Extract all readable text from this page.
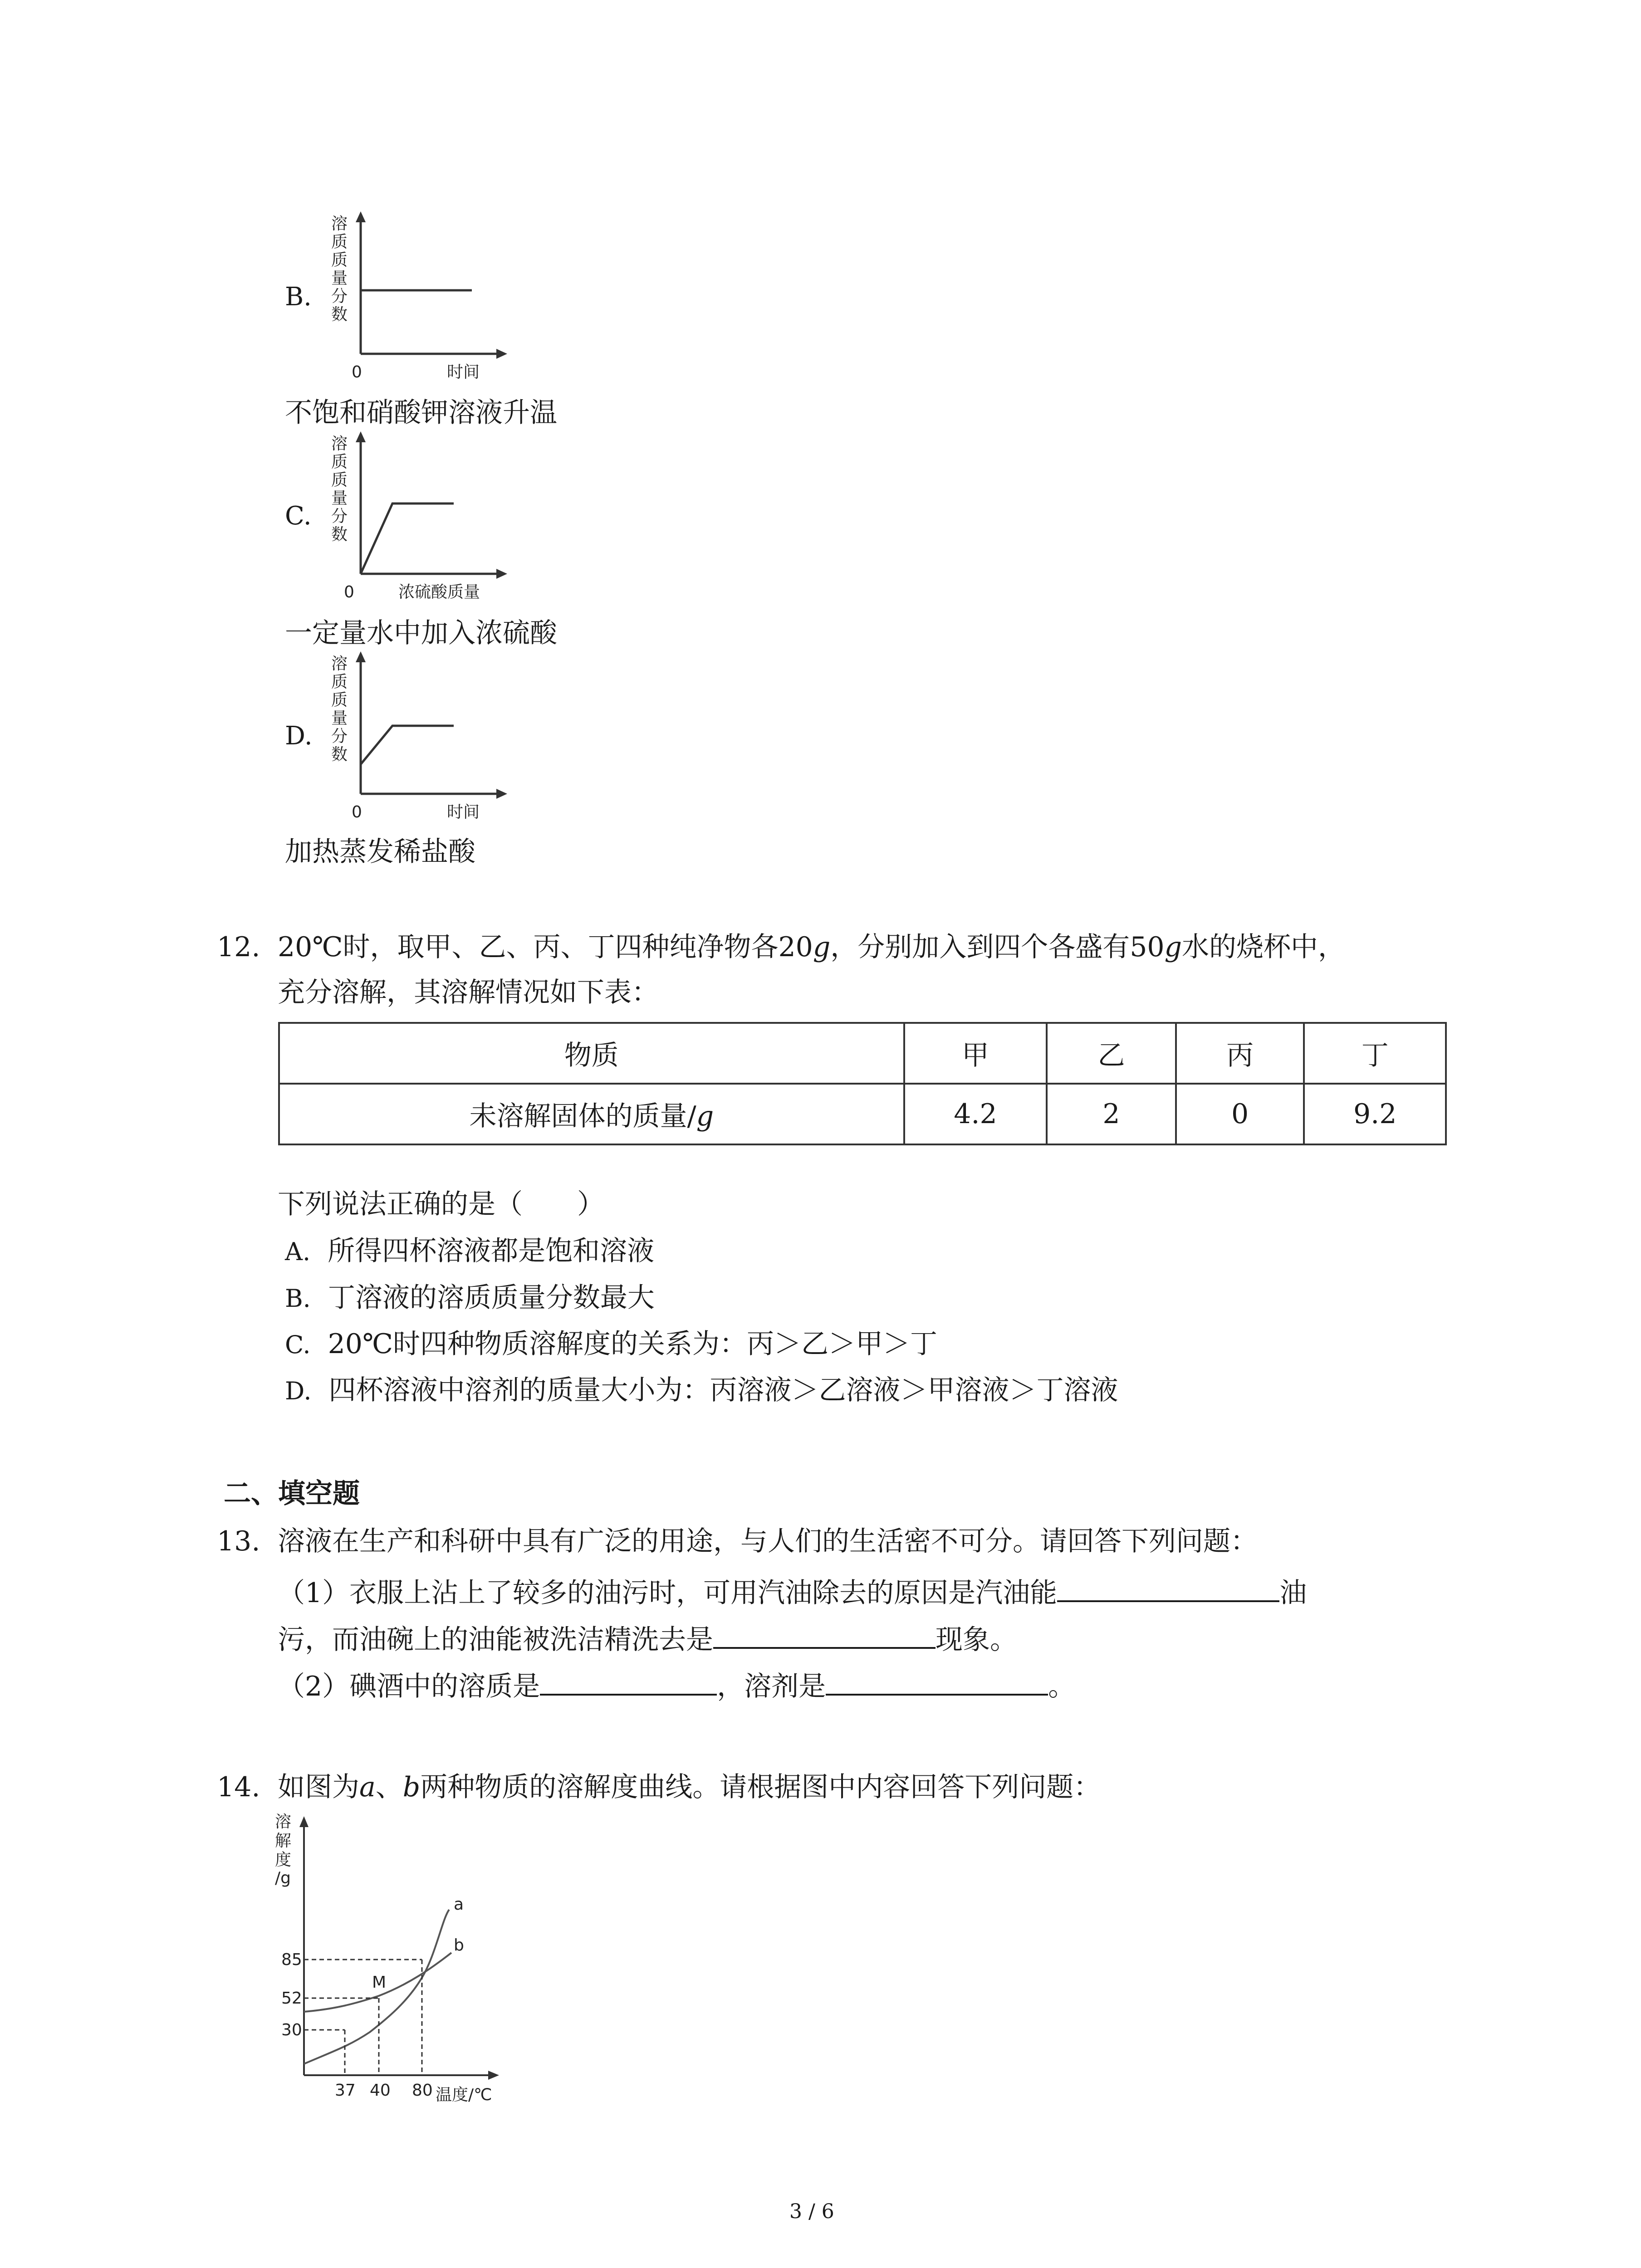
B.
溶
质
质
量
分
数
0	时间
不饱和硝酸钾溶液升温
C.
溶
质
质
量
分
数
0	浓硫酸质量
一定量水中加入浓硫酸
D.
溶
质
质
量
分
数
0	时间
加热蒸发稀盐酸
12. 20℃时，取甲、乙、丙、丁四种纯净物各20g，分别加入到四个各盛有50g水的烧杯中，
充分溶解，其溶解情况如下表：
物质	甲	乙	丙	丁
未溶解固体的质量/g	4.2	2	0	9.2
下列说法正确的是（　　）
A. 所得四杯溶液都是饱和溶液
B. 丁溶液的溶质质量分数最大
C. 20℃时四种物质溶解度的关系为：丙＞乙＞甲＞丁
D. 四杯溶液中溶剂的质量大小为：丙溶液＞乙溶液＞甲溶液＞丁溶液
二、填空题
13. 溶液在生产和科研中具有广泛的用途，与人们的生活密不可分。请回答下列问题：
（1）衣服上沾上了较多的油污时，可用汽油除去的原因是汽油能	油
污，而油碗上的油能被洗洁精洗去是	现象。
（2）碘酒中的溶质是	，溶剂是	。
14. 如图为a、b两种物质的溶解度曲线。请根据图中内容回答下列问题：
溶
解
度
/g
85
52
30
37 40 80 温度/℃
M
a
b
3 / 6
